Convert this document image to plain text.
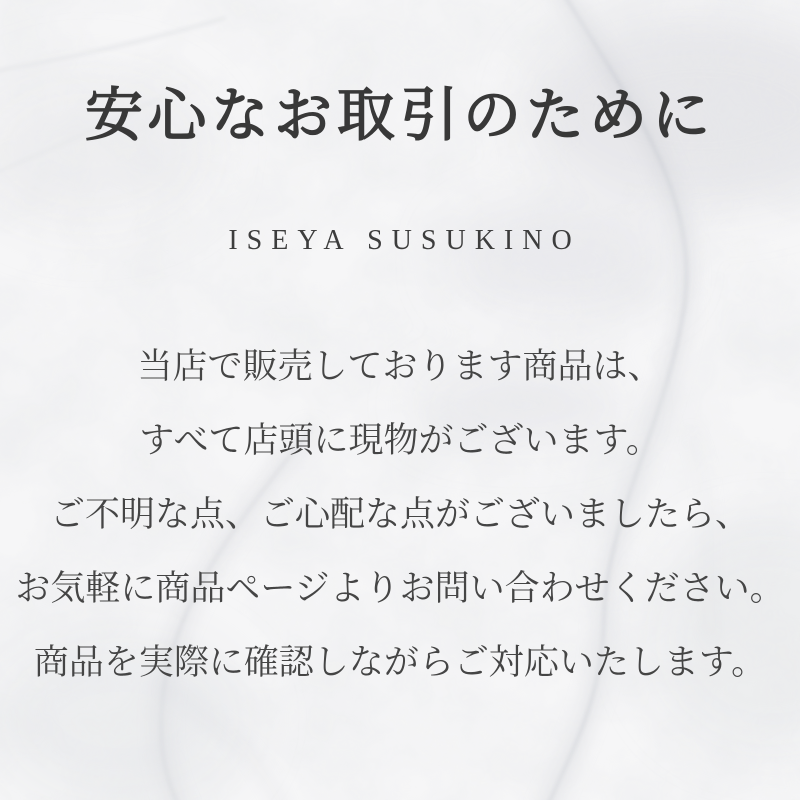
安心なお取引のために
ISEYA SUSUKINO

当店で販売しております商品は、

すべて店頭に現物がございます。

ご不明な点、ご心配な点がございましたら、

お気軽に商品ページよりお問い合わせください。

商品を実際に確認しながらご対応いたします。
